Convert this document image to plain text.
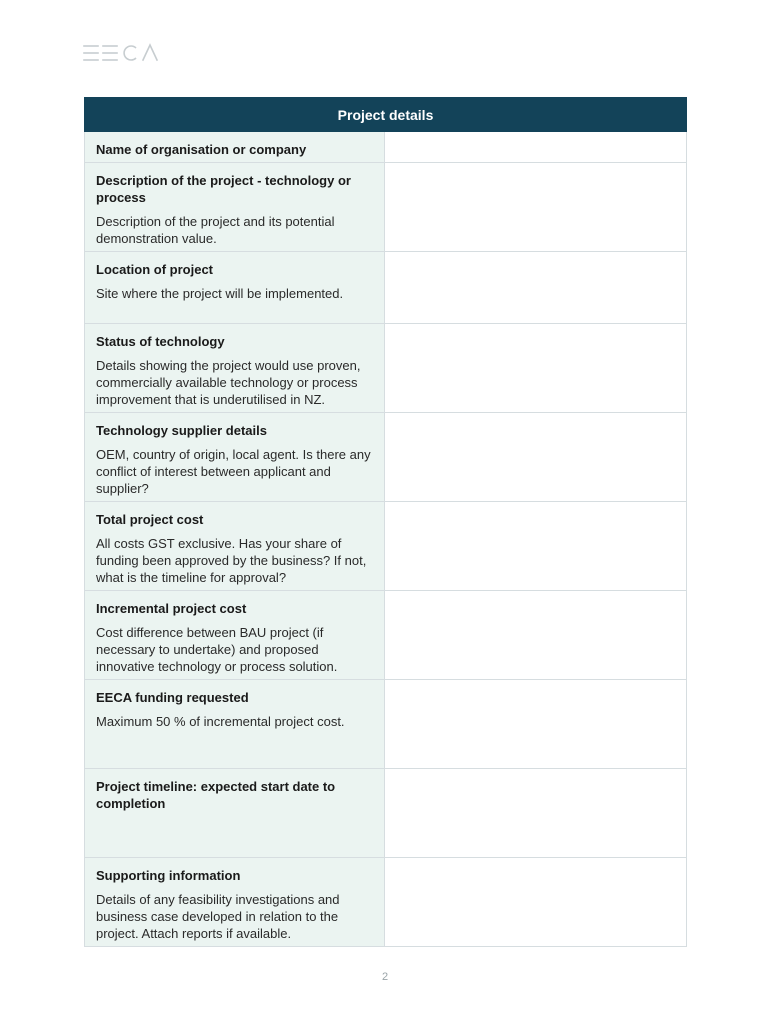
Project details	

Name of organisation or company	

Description of the project - technology or process

Description of the project and its potential demonstration value.	

Location of project

Site where the project will be implemented.	

Status of technology

Details showing the project would use proven, commercially available technology or process improvement that is underutilised in NZ.	

Technology supplier details

OEM, country of origin, local agent. Is there any conflict of interest between applicant and supplier?	

Total project cost

All costs GST exclusive. Has your share of funding been approved by the business? If not, what is the timeline for approval?	

Incremental project cost

Cost difference between BAU project (if necessary to undertake) and proposed innovative technology or process solution.	

EECA funding requested

Maximum 50 % of incremental project cost.	

Project timeline: expected start date to completion	

Supporting information

Details of any feasibility investigations and business case developed in relation to the project. Attach reports if available.	

2
